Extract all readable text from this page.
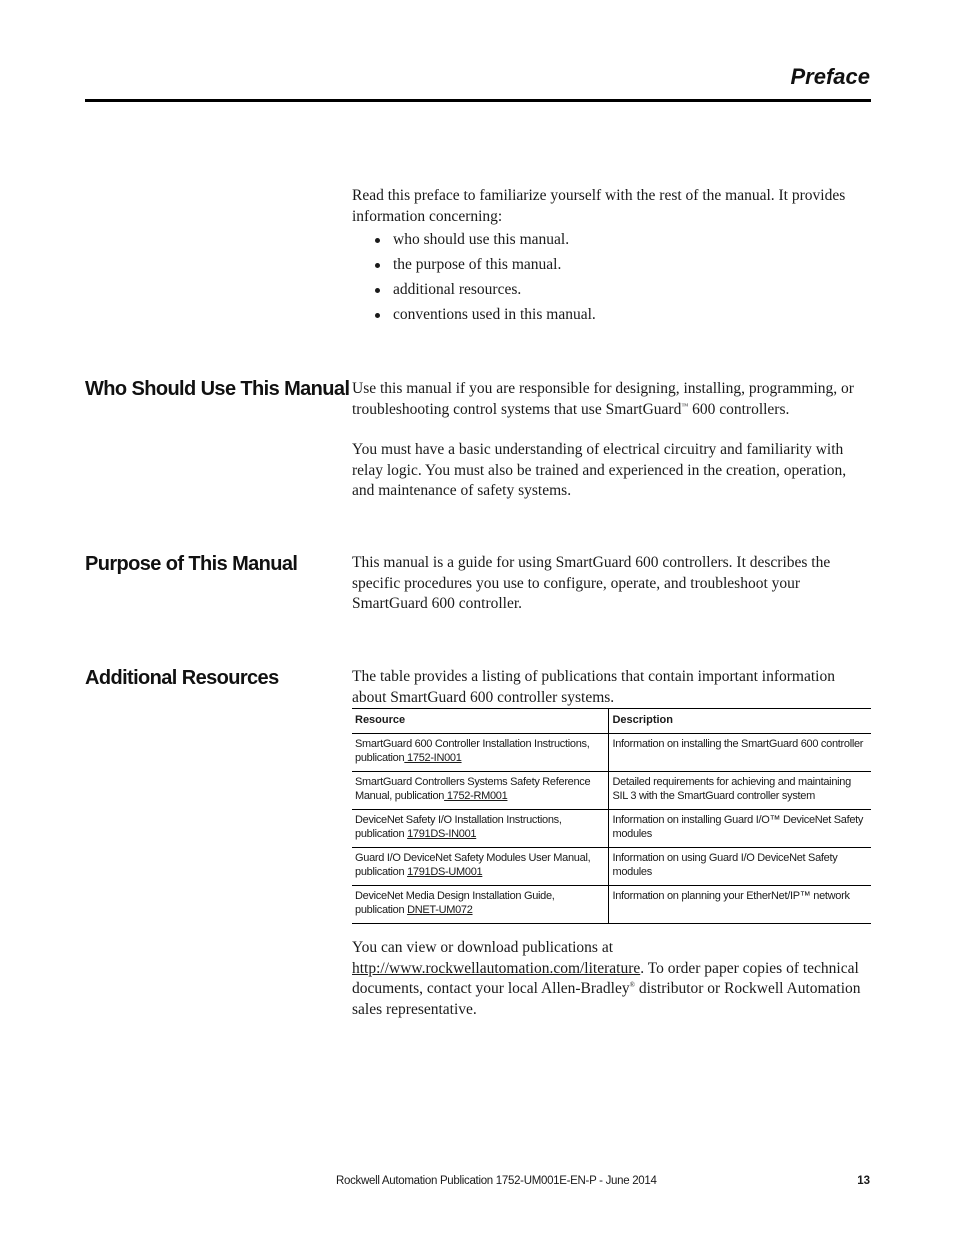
Preface
Read this preface to familiarize yourself with the rest of the manual. It provides information concerning:
who should use this manual.
the purpose of this manual.
additional resources.
conventions used in this manual.
Who Should Use This Manual Use this manual if you are responsible for designing, installing, programming, or troubleshooting control systems that use SmartGuard™ 600 controllers.
You must have a basic understanding of electrical circuitry and familiarity with relay logic. You must also be trained and experienced in the creation, operation, and maintenance of safety systems.
Purpose of This Manual	This manual is a guide for using SmartGuard 600 controllers. It describes the specific procedures you use to configure, operate, and troubleshoot your SmartGuard 600 controller.
Additional Resources	The table provides a listing of publications that contain important information about SmartGuard 600 controller systems.
Resource	Description
SmartGuard 600 Controller Installation Instructions, publication 1752-IN001	Information on installing the SmartGuard 600 controller
SmartGuard Controllers Systems Safety Reference Manual, publication 1752-RM001	Detailed requirements for achieving and maintaining SIL 3 with the SmartGuard controller system
DeviceNet Safety I/O Installation Instructions, publication 1791DS-IN001	Information on installing Guard I/O™ DeviceNet Safety modules
Guard I/O DeviceNet Safety Modules User Manual, publication 1791DS-UM001	Information on using Guard I/O DeviceNet Safety modules
DeviceNet Media Design Installation Guide, publication DNET-UM072	Information on planning your EtherNet/IP™ network
You can view or download publications at http://www.rockwellautomation.com/literature. To order paper copies of technical documents, contact your local Allen-Bradley® distributor or Rockwell Automation sales representative.
Rockwell Automation Publication 1752-UM001E-EN-P - June 2014	13
